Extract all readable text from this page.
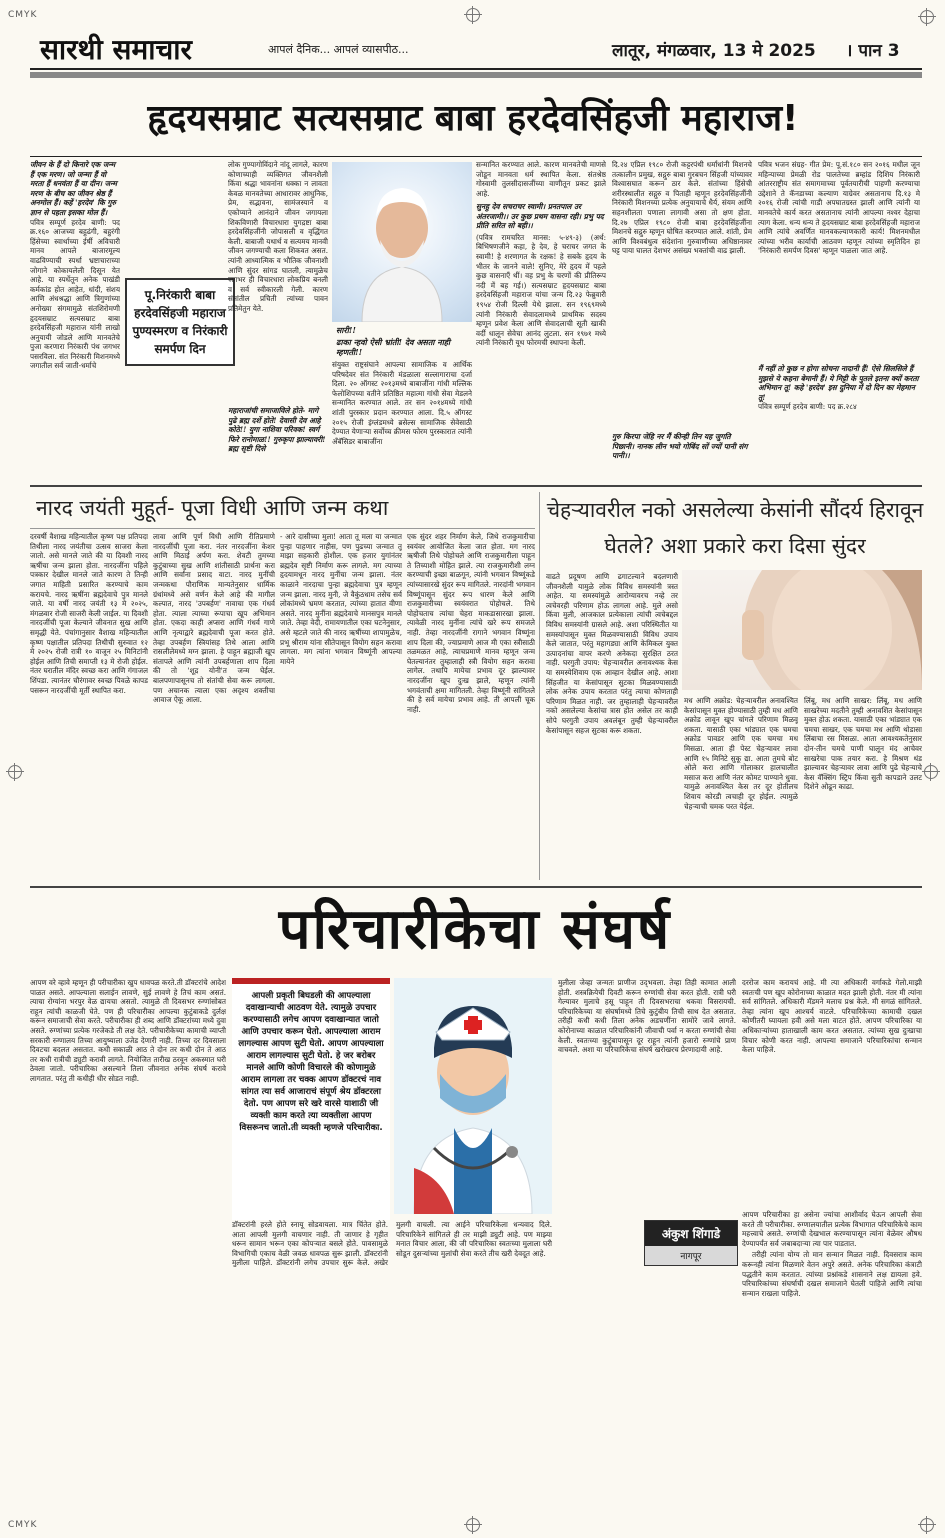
CMYK
CMYK
सारथी समाचार	आपलं दैनिक... आपलं व्यासपीठ...	लातूर, मंगळवार, 13 मे 2025 । पान 3
हृदयसम्राट सत्यसम्राट बाबा हरदेवसिंहजी महाराज!
जीवन के हैं दो किनारे एक जन्म हैं एक मरण। जो जन्मा हैं वो मरता हैं धनवंता हैं या दीन। जन्म मरण के बीच का जीवन श्रेष्ठ हैं अनमोल हैं। कहें 'हरदेव' कि गुरु ज्ञान से पहता इसका मोल हैं।
पवित्र सम्पूर्ण हरदेव बाणी: पद क्र.१६० आजच्या बहुढंगी, बहुरंगी हिंसेच्या स्वार्थाच्या ईर्षी अविचारी मानव आपले बाजारमूल्य वाढविण्याची स्पर्धा भ्रष्टाचाराच्या जोगाने कोकायलेली दिसून येत आहे. या स्पर्धेतून अनेक पाखंडी कर्मकांड होत आहेत, धांदी, संशय आणि अंधश्रद्धा आणि त्रिगुणांच्या अनोख्या संगमामुळे संतशिरोमणी हृदयसम्राट सत्यसम्राट बाबा हरदेवसिंहजी महाराज यांनी लाखो अनुयायी जोडले आणि मानवतेचे पुजा करणारा निरंकारी पंथ जगभर पसरविला. संत निरंकारी मिशनमध्ये जगातील सर्व जाती-धर्माचे
पू.निरंकारी बाबा हरदेवसिंहजी महाराज पुण्यस्मरण व निरंकारी समर्पण दिन
लोक गुण्यागोविंदाने नांदू लागले, कारण कोणाच्याही व्यक्तिगत जीवनशैली किंवा श्रद्धा भावनांना धक्का न लावता केवळ मानवतेच्या आधारावर आधुनिक, प्रेम, सद्भावना, सामंजस्याने व एकोप्याने आनंदाने जीवन जगायला शिकविणारी विचारधारा युगद्रष्टा बाबा हरदेवसिंहजींनी जोपासली व वृद्धिंगत केली. बाबाजी यथार्थ व सत्यमय मानवी जीवन जगण्याची कला शिकवत असत. त्यांनी आध्यात्मिक व भौतिक जीवनाशी आणि सुंदर सांगड घातली, त्यामुळेच जगभर ही विचारधारा लोकप्रिय बनली व सर्व स्वीकारली गेली. कारण संतांतील प्रचिती त्यांच्या पावन प्रतिमेतुन येते.
महाराजांची समाजाविले होते- मागे पुढे ब्रह्म दर्शे होते! देवासी देव आहे कोठे!! युगा नाशिवा परिवक! स्वर्ग फिरे रानोमाळ!! गुरुकृपा झाल्यावरी! ब्रह्म सृष्टी दिसे
सारी!!
ढाका न्हवो ऐसी भ्रांती! देव असता नाही म्हणती!!
संयुक्त राष्ट्रसंघाने आपल्या सामाजिक व आर्थिक परिषदेवर संत निरंकारी मंडळाला सल्लागाराचा दर्जा दिला. २० ऑगस्ट २०१३मध्ये बाबाजींना गांधी मल्लिक फेलोशिपच्या वतीने प्रतिष्ठित महात्मा गांधी सेवा मेडलने सन्मानित करण्यात आले. तर सन २०१४मध्ये गांधी शांती पुरस्कार प्रदान करण्यात आला. दि.५ ऑगस्ट २०१५ रोजी इंग्लंडमध्ये ब्रसेल्स सामाजिक सेवेसाठी देण्यात येणाऱ्या सर्वोच्च क्रीमस फोरम पुरस्कारात त्यांनी अँबॅसिडर बाबाजींना
सन्मानित करण्यात आले. कारण मानवतेची माणसे जोडून मानवता धर्म स्थापित केला. संतश्रेष्ठ गोस्वामी तुलसीदासजींच्या वाणीतून प्रकट झाले आहे.
सुनहु देव सचराचर स्वामी। प्रनतपाल उर अंतरजामी।। उर कुछ प्रथम वासना रही। प्रभु पद प्रीति सरित सो बही।।
(पवित्र रामचरित मानस: ५-४९-३) (अर्थ: बिभिषणजीने कहा, हे देव, हे चराचर जगत के स्वामी! हे शरणागत के रक्षक! हे सबके हृदय के भीतर के जानने वाले! सुनिए, मेरे हृदय में पहले कुछ वासनाएँ थीं। वह प्रभु के चरणों की प्रीतिरूप नदी में बह गई।) सत्यसम्राट हृदयसम्राट बाबा हरदेवसिंहजी महाराज यांचा जन्म दि.२३ फेब्रुवारी १९५४ रोजी दिल्ली येथे झाला. सन १९६९मध्ये त्यांनी निरंकारी सेवादलामध्ये प्राथमिक सदस्य म्हणून प्रवेश केला आणि सेवादलाची सूती खाकी वर्दी धालून सेवेचा आनंद लुटला. सन १९७१ मध्ये त्यांनी निरंकारी यूथ फोरमची स्थापना केली.
दि.२४ एप्रिल १९८० रोजी कट्टरपंथी धर्मांधांनी मिशनचे तत्कालीन प्रमुख, सद्गुरु बाबा गुरबचन सिंहजी यांच्यावर विश्वासघात करून ठार केले. संतांच्या हिंसेची शरीरस्थालीत सद्गुरु व पिताही म्हणून हरदेवसिंहजींनी निरंकारी मिशनच्या प्रत्येक अनुयायाचे धैर्य, संयम आणि सहनशीलता पणाला लागावी असा तो क्षण होता. दि.२७ एप्रिल १९८० रोजी बाबा हरदेवसिंहजींना मिशनचे सद्गुरु म्हणून घोषित करण्यात आले. शांती, प्रेम आणि विश्वबंधुत्व संदेशांना गुरुवाणीच्या अधिष्ठानावर घट्ट पाया घालत देशभर असंख्य भक्तांची वाढ झाली.
गुरु किरपा जेहि नर मैं कीन्ही तिन यह जुगति पिछानी। नानक लीन भयो गोबिंद सों ज्यों पानी संग पानी।।
पवित्र भजन संग्रह- गीत प्रेम: पू.सं.१८० सन २०१६ मधील जून महिन्याच्या प्रेमळी रोड पालतेच्या ब्रम्हांड दिशिय निरंकारी आंतरराष्ट्रीय संत समागमाच्या पूर्वतयारीची पाहणी करण्याचा उद्देशाने ते कॅनडाच्या कल्याण याग्रेवर असतानाच दि.१३ मे २०१६ रोजी त्यांची गाडी अपघातग्रस्त झाली आणि त्यांनी या मानवतेचे कार्य करत असतानाच त्यांनी आपल्या नश्वर देहाचा त्याग केला. धन्य धन्य ते हृदयसम्राट बाबा हरदेवसिंहजी महाराज आणि त्यांचे अवर्णित मानवकल्याणकारी कार्य! मिशनमधील त्यांच्या भरीव कार्याची आठवण म्हणून त्यांच्या स्मृतिदिन हा 'निरंकारी समर्पण दिवस' म्हणून पाळला जात आहे.
मैं नहीं तो कुछ न होगा सोचना नादानी हैं! ऐसे सिलसिले हैं मुझसे ये कहना बेमानी हैं। ये मिट्टी के पुतले इतना क्यों करता अभिमान तू! कहे 'हरदेव' इस दुनिया में दो दिन का मेहमान तू!
पवित्र सम्पूर्ण हरदेव बाणी: पद क्र.२८४
नारद जयंती मुहूर्त- पूजा विधी आणि जन्म कथा
दरवर्षी वैशाख महिन्यातील कृष्ण पक्ष प्रतिपदा तिथीला नारद जयंतीचा उत्सव साजरा केला जातो. असे मानले जाते की या दिवशी नारद ऋषींचा जन्म झाला होता. नारदजींना पहिले पत्रकार देखील मानले जाते कारण ते तिन्ही जगात माहिती प्रसारित करण्याचे काम करायचे. नारद ऋषींना ब्रह्मदेवाचे पुत्र मानले जाते. या वर्षी नारद जयंती १३ मे २०२५, मंगळवार रोजी साजरी केली जाईल. या दिवशी नारदजींची पूजा केल्याने जीवनात सुख आणि समृद्धी येते. पंचांगानुसार वैशाख महिन्यातील कृष्ण पक्षातील प्रतिपदा तिथीची सुरुवात १२ मे २०२५ रोजी रात्री १० वाजून २५ मिनिटांनी होईल आणि तिची समाप्ती १३ मे रोजी होईल. नंतर घरातील मंदिर स्वच्छ करा आणि गंगाजल शिंपडा. त्यानंतर चौरंगावर स्वच्छ पिवळे कापड पसरून नारदजींची मूर्ती स्थापित करा.
लावा आणि पूर्ण विधी आणि रीतिप्रमाणे नारदजींची पूजा करा. नंतर नारदजींना केशर आणि मिठाई अर्पण करा. शेवटी तुमच्या कुटुंबाच्या सुख आणि शांतीसाठी प्रार्थना करा आणि सर्वांना प्रसाद वाटा. नारद मुनींची जन्मकथा पौराणिक मान्यतेनुसार धार्मिक ग्रंथांमध्ये असे वर्णन केले आहे की मागील कल्पात, नारद 'उपबर्हण' नावाचा एक गंधर्व होता. त्याला त्याच्या रूपाचा खूप अभिमान होता. एकदा काही अप्सरा आणि गंधर्व गाणे आणि नृत्याद्वारे ब्रह्मदेवाची पूजा करत होते. तेव्हा उपबर्हण स्त्रियांसह तिथे आला आणि रासलीलेमध्ये मग्न झाला. हे पाहून ब्रह्माजी खूप संतापले आणि त्यांनी उपबर्हणाला शाप दिला की तो 'शूद्र योनी'त जन्म घेईल. बालपणापासूनच तो संतांची सेवा करू लागला. पण अचानक त्याला एका अदृश्य शक्तीचा आवाज ऐकू आला.
- आरे दासीच्या मुला! आता तू मला या जन्मात पुन्हा पाहणार नाहीस, पण पुढच्या जन्मात तू माझा सहकारी होशील. एक हजार युगांनंतर ब्रह्मदेव सृष्टी निर्माण करू लागले. मग त्याच्या हृदयामधून नारद मुनींचा जन्म झाला. नंतर काळाने नारदाचा पुन्हा ब्रह्मदेवाचा पुत्र म्हणून जन्म झाला. नारद मुनी, जे वैकुंठधाम तसेच सर्व लोकांमध्ये भ्रमण करतात, त्यांच्या हातात वीणा असते. नारद मुनींना ब्रह्मदेवाचे मानसपुत्र मानले जाते. तेव्हा वेदी, रामायणातील एका घटनेनुसार, असे म्हटले जाते की नारद ऋषींच्या शापामुळेच, प्रभू श्रीराम यांना सीतेपासून वियोग सहन करावा लागला. मग त्यांना भगवान विष्णूंनी आपल्या मायेने
एक सुंदर शहर निर्माण केले, जिथे राजकुमारीचा स्वयंवर आयोजित केला जात होता. मग नारद ऋषीजी तिथे पोहोचले आणि राजकुमारीला पाहून ते तिच्याशी मोहित झाले. त्या राजकुमारीशी लग्न करण्याची इच्छा बाळगून, त्यांनी भगवान विष्णूंकडे त्यांच्यासारखे सुंदर रूप मागितले. नारदांनी भगवान विष्णूंपासून सुंदर रूप धारण केले आणि राजकुमारीच्या स्वयंवरात पोहोचले. तिथे पोहोचताच त्यांचा चेहरा माकडासारखा झाला. त्यावेळी नारद मुनींना त्यांचे खरे रूप समजले नाही. तेव्हा नारदजींनी रागाने भगवान विष्णूंना शाप दिला की, ज्याप्रमाणे आज मी एका स्त्रीसाठी तळमळत आहे, त्याचप्रमाणे मानव म्हणून जन्म घेतल्यानंतर तुम्हालाही स्त्री वियोग सहन करावा लागेल. तथापि मायेचा प्रभाव दूर झाल्यावर नारदजींना खूप दुःख झाले, म्हणून त्यांनी भगवंताची क्षमा मागितली. तेव्हा विष्णूंनी सांगितले की हे सर्व मायेचा प्रभाव आहे. ती आपली चूक नाही.
चेहऱ्यावरील नको असलेल्या केसांनी सौंदर्य हिरावून घेतले? अशा प्रकारे करा दिसा सुंदर
वाढते प्रदूषण आणि ढगाटल्याने बदलणारी जीवनशैली यामुळे लोक विविध समस्यांनी त्रस्त आहेत. या समस्यांमुळे आरोग्यावरच नव्हे तर त्वचेवरही परिणाम होऊ लागला आहे. मुले असो किंवा मुली, आजकाल प्रत्येकाला त्यांची त्वचेबद्दल विविध समस्यांनी ग्रासले आहे. अशा परिस्थितीत या समस्यांपासून मुक्त मिळवण्यासाठी विविध उपाय केले जातात, परंतु महागड्या आणि केमिकल युक्त उत्पादनांचा वापर करणे अनेकदा सुरक्षित ठरत नाही. घरगुती उपाय: चेहऱ्यावरील अनावश्यक केस या समस्येशिवाय एक आव्हान देखील आहे. आशा सिंहजीत या केसांपासून सुटका मिळवण्यासाठी लोक अनेक उपाय करतात परंतु त्याचा कोणताही परिणाम मिळत नाही. जर तुम्हालाही चेहऱ्यावरील नको असलेल्या केसांचा त्रास होत असेल तर काही सोपे घरगुती उपाय अवलंबून तुम्ही चेहऱ्यावरील केसांपासून सहज सुटका करू शकता.
मध आणि अक्रोड: चेहऱ्यावरील अनावश्यित केसांपासून मुक्त होण्यासाठी तुम्ही मध आणि अक्रोड लावून खूप चांगले परिणाम मिळवू शकता. यासाठी एका भांड्यात एक चमचा अक्रोड पावडर आणि एक चमचा मध मिसळा. आता ही पेस्ट चेहऱ्यावर लावा आणि १५ मिनिटे सुकू द्या. आता तुमचे बोट ओले करा आणि गोलाकार हालचालीत मसाज करा आणि नंतर कोमट पाण्याने धुवा. यामुळे अनावश्यित केस तर दूर होतीलच शिवाय कोरडी त्वचाही दूर होईल. त्यामुळे चेहऱ्याची चमक परत येईल.
लिंबू, मध आणि साखर: लिंबू, मध आणि साखरेच्या मदतीने तुम्ही अनावशित केसांपासून मुक्त होऊ शकता. यासाठी एका भांड्यात एक चमचा साखर, एक चमचा मध आणि थोडासा लिंबाचा रस मिसळा. आता आवश्यकतेनुसार दोन-तीन चमचे पाणी घालून मंद आचेवर साखरेचा पाक तयार करा. हे मिश्रण थंड झाल्यावर चेहऱ्यावर लावा आणि पुढे चेहऱ्याचे केस वॅक्सिंग स्ट्रिप किंवा सुती कापडाने उलट दिशेने ओढून काढा.
परिचारीकेचा संघर्ष
आपण वरे व्हावे म्हणून ही परीचारीका खुप धावपळ करते.ती डॉक्टरांचे आदेश पाळत असते. आपल्याला सलाईन लावणे, सुई लावणे हे तिचं काम असतं. त्याचा रोग्यांना भरपुर वेळ द्यायचा असतो. त्यामुळे ती दिवसभर रुग्णांसोबत राहून त्यांची काळजी घेते. पण ही परिचारीका आपल्या कुटुंबाकडे दुर्लक्ष करून समाजाची सेवा करते. परीचारीका ही शब्द आणि डॉक्टरांच्या मध्ये दुवा असते. रुग्णांच्या प्रत्येक गरजेकडे ती लक्ष देते. परीचारीकेच्या कामाची व्याप्ती सरकारी रुग्णालय तिच्या आयुष्याला उजेड देणारी नाही. तिच्या दर दिवसाला दिवटचा बदलत असतात. कधी सकाळी आठ ते दोन तर कधी दोन ते आठ तर कधी रात्रीची ड्युटी करावी लागते. नियोजित तारीख ठरवून अकस्मात घरी ठेवला जातो. परीचारिका असल्याने तिला जीवनात अनेक संघर्ष करावे लागतात. परंतु ती कधीही धीर सोडत नाही.
आपली प्रकृती बिघडली की आपल्याला दवाखान्याची आठवण येते. त्यामुळे उपचार करण्यासाठी लगेच आपण दवाखान्यात जातो आणि उपचार करून घेतो. आपल्याला आराम लागल्यास आपण सुटी घेतो. आपण आपल्याला आराम लागल्यास सुटी घेतो. हे जर बरोबर मानले आणि कोणी विचारले की कोणामुळे आराम लागला तर चक्क आपण डॉक्टरचं नाव सांगत त्या सर्व आजाराचं संपूर्ण श्रेय डॉक्टरला देतो. पण आपण सरे खरे वारसे याशाठी जी व्यक्ती काम करते त्या व्यक्तीला आपण विसरूनच जातो.ती व्यक्ती म्हणजे परिचारीका.
डॉक्टरांनी हरले होते स्नायू सोडवायला. मात्र चिंतेत होते. आता आपली मुलगी वाचणार नाही. ती जाणार हे गृहीत धरून सामान भरून एका कोपऱ्यात बसले होते. पावसामुळे विभागिची एकाच वेळी जवळ धावपळ सुरू झाली. डॉक्टरांनी मुलीला पाहिले. डॉक्टरांनी लगेच उपचार सुरू केले. अखेर मुलगी वाचली. त्या आईने परिचारिकेला धन्यवाद दिले. परिचारिकेने सांगितले ही तर माझी ड्युटी आहे. पण माझ्या मनात विचार आला, की जी परिचारिका स्वतःच्या मुलाला घरी सोडून दुसऱ्यांच्या मुलांची सेवा करते तीच खरी देवदूत आहे.
मुलीला जेव्हा जन्मतः प्राणीज उद्‌भवला. तेव्हा तिही कामात आली होती. शस्त्रक्रियेची दिवटी करून रुग्णांची सेवा करत होती. रात्री घरी गेल्यावर मुलाचे हसू पाहून ती दिवसभराचा थकवा विसरायची. परिचारिकेच्या या संघर्षामध्ये तिचे कुटुंबीय तिची साथ देत असतात. तरीही कधी कधी तिला अनेक अडचणींना सामोरे जावे लागते. कोरोनाच्या काळात परिचारिकांनी जीवाची पर्वा न करता रुग्णांची सेवा केली. स्वतःच्या कुटुंबापासून दूर राहून त्यांनी हजारो रुग्णांचे प्राण वाचवले. अशा या परिचारिकेचा संघर्ष खरोखरच प्रेरणादायी आहे.
दररोज काम करायचं आहे. मी त्या अधिकारी वर्गाकडे गेलो.माझी स्वतःची पण खूप कोरोनाच्या काळात मदत झाली होती. नंतर मी त्यांना सर्व सांगितले. अधिकारी मॅडमने मलाच प्रश्न केले. मी सगळं सांगितले. तेव्हा त्यांना खूप आश्चर्य वाटले. परिचारिकेच्या कामाची दखल कोणीतरी घ्यायला हवी असे मला वाटत होते. आपण परिचारिका या अधिकाऱ्यांच्या हाताखाली काम करत असतात. त्यांच्या सुख दुःखाचा विचार कोणी करत नाही. आपल्या समाजाने परिचारिकांचा सन्मान केला पाहिजे.
अंकुश शिंगाडे
नागपूर

आपण परिचारीका हा असेना ज्यांचा आशीर्वाद घेऊन आपली सेवा करते ती परीचारीका. रुग्णालयातील प्रत्येक विभागात परिचारिकेचे काम महत्त्वाचे असते. रुग्णांची देखभाल करण्यापासून त्यांना वेळेवर औषध देण्यापर्यंत सर्व जबाबदाऱ्या त्या पार पाडतात.

तरीही त्यांना योग्य तो मान सन्मान मिळत नाही. दिवसरात्र काम करूनही त्यांना मिळणारे वेतन अपुरे असते. अनेक परिचारिका कंत्राटी पद्धतीने काम करतात. त्यांच्या प्रश्नांकडे शासनाने लक्ष द्यायला हवे. परिचारिकांच्या संघर्षाची दखल समाजाने घेतली पाहिजे आणि त्यांचा सन्मान राखला पाहिजे.
